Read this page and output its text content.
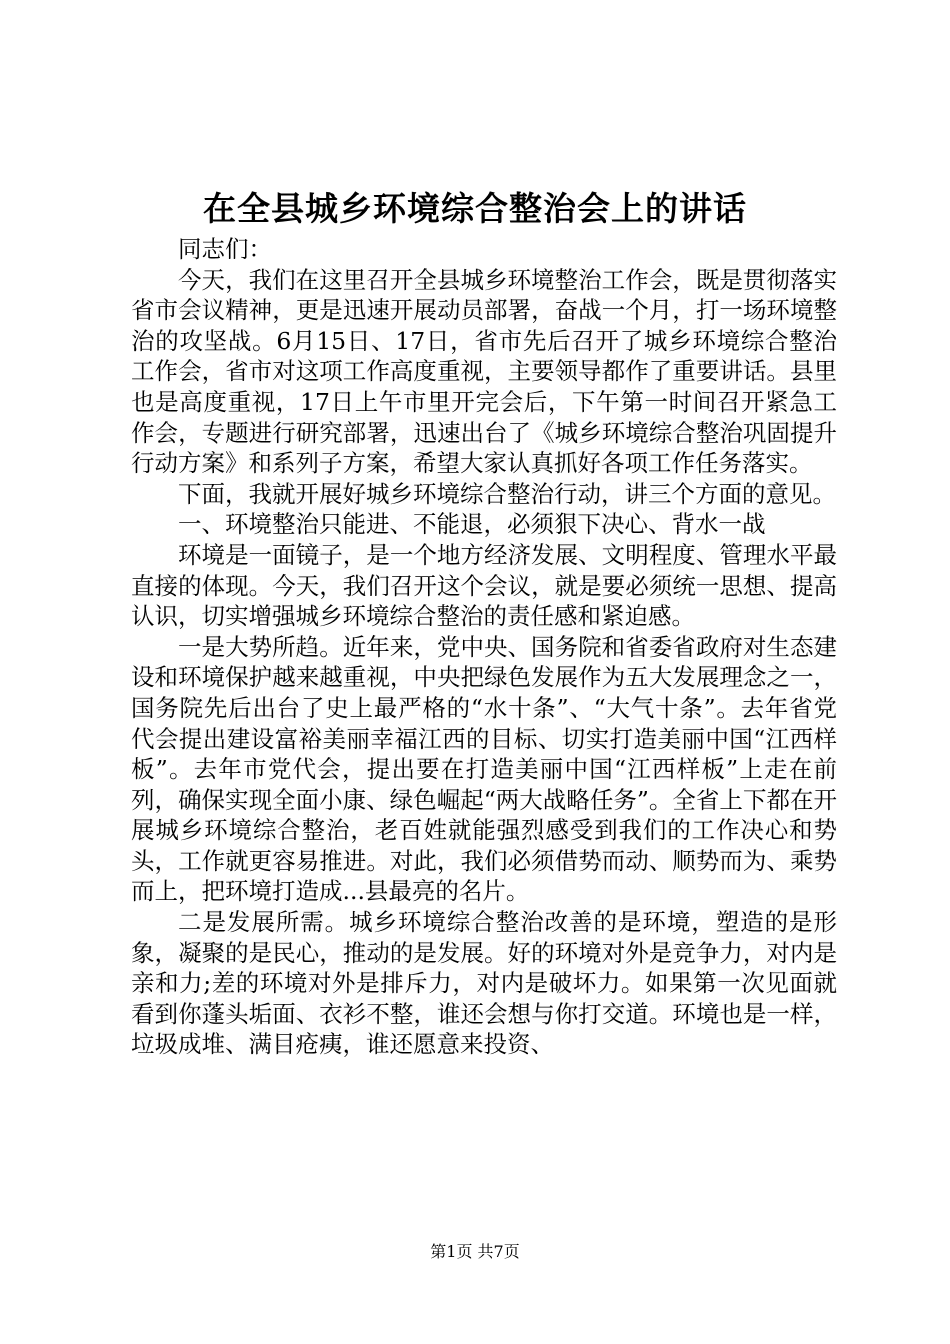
在全县城乡环境综合整治会上的讲话

同志们：

今天，我们在这里召开全县城乡环境整治工作会，既是贯彻落实省市会议精神，更是迅速开展动员部署，奋战一个月，打一场环境整治的攻坚战。6月15日、17日，省市先后召开了城乡环境综合整治工作会，省市对这项工作高度重视，主要领导都作了重要讲话。县里也是高度重视，17日上午市里开完会后，下午第一时间召开紧急工作会，专题进行研究部署，迅速出台了《城乡环境综合整治巩固提升行动方案》和系列子方案，希望大家认真抓好各项工作任务落实。

下面，我就开展好城乡环境综合整治行动，讲三个方面的意见。

一、环境整治只能进、不能退，必须狠下决心、背水一战

环境是一面镜子，是一个地方经济发展、文明程度、管理水平最直接的体现。今天，我们召开这个会议，就是要必须统一思想、提高认识，切实增强城乡环境综合整治的责任感和紧迫感。

一是大势所趋。近年来，党中央、国务院和省委省政府对生态建设和环境保护越来越重视，中央把绿色发展作为五大发展理念之一，国务院先后出台了史上最严格的“水十条”、“大气十条”。去年省党代会提出建设富裕美丽幸福江西的目标、切实打造美丽中国“江西样板”。去年市党代会，提出要在打造美丽中国“江西样板”上走在前列，确保实现全面小康、绿色崛起“两大战略任务”。全省上下都在开展城乡环境综合整治，老百姓就能强烈感受到我们的工作决心和势头，工作就更容易推进。对此，我们必须借势而动、顺势而为、乘势而上，把环境打造成...县最亮的名片。

二是发展所需。城乡环境综合整治改善的是环境，塑造的是形象，凝聚的是民心，推动的是发展。好的环境对外是竞争力，对内是亲和力;差的环境对外是排斥力，对内是破坏力。如果第一次见面就看到你蓬头垢面、衣衫不整，谁还会想与你打交道。环境也是一样，垃圾成堆、满目疮痍，谁还愿意来投资、

第1页 共7页
